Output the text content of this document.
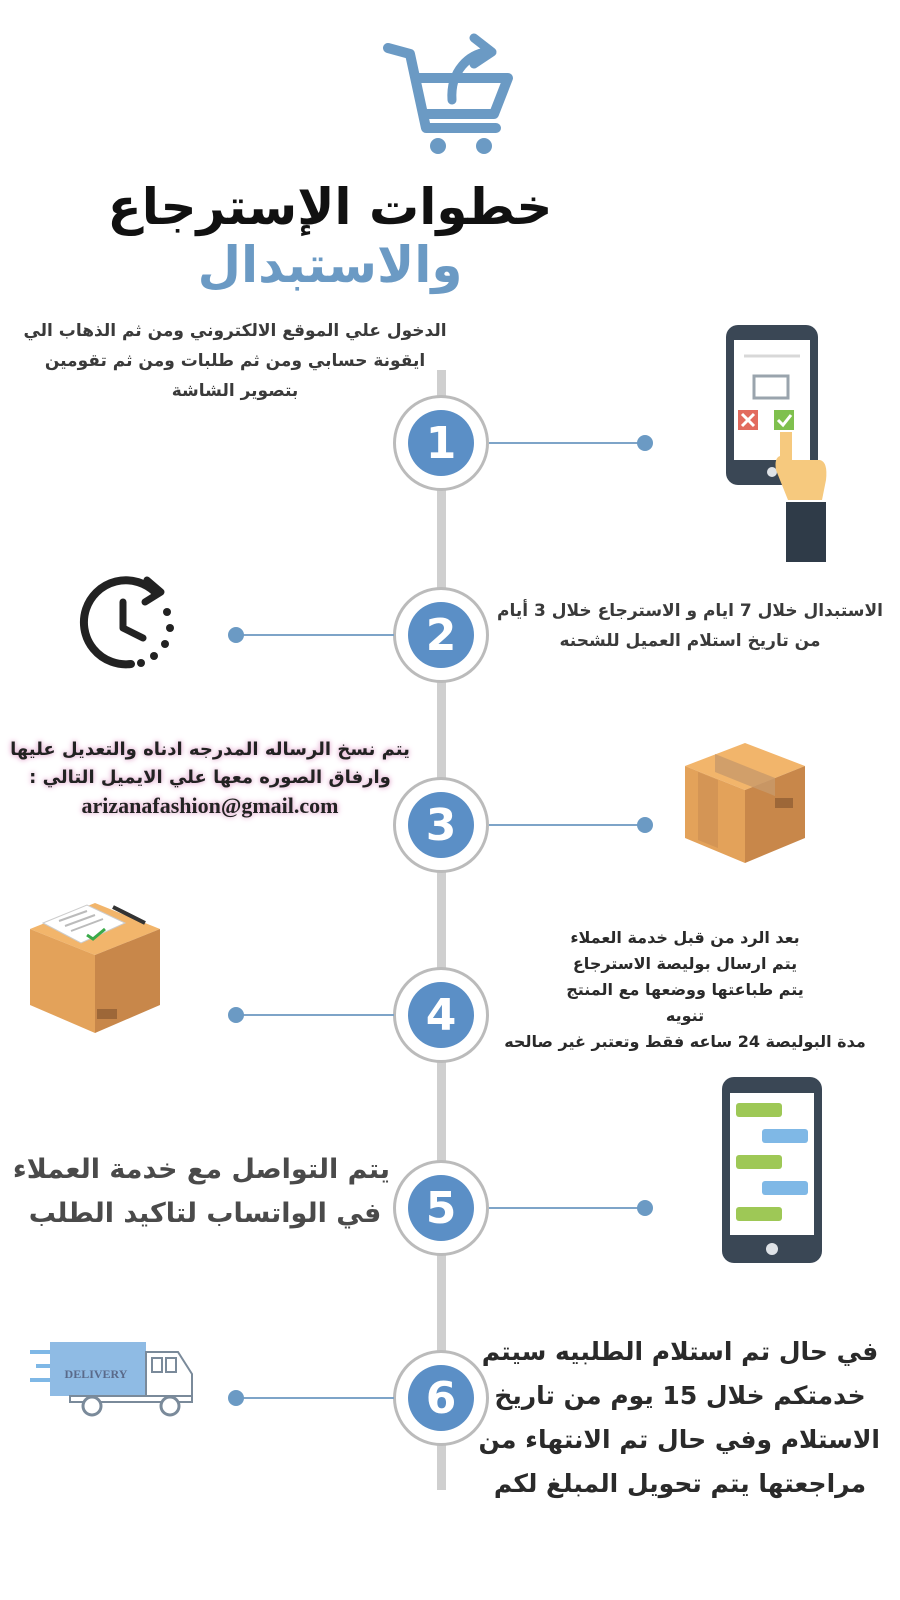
خطوات الإسترجاع والاستبدال
1
الدخول علي الموقع الالكتروني ومن ثم الذهاب الي
ايقونة حسابي ومن ثم طلبات ومن ثم تقومين
بتصوير الشاشة
2	الاستبدال خلال 7 ايام و الاسترجاع خلال 3 أيام
من تاريخ استلام العميل للشحنه
3
يتم نسخ الرساله المدرجه ادناه والتعديل عليها
وارفاق الصوره معها علي الايميل التالي :
arizanafashion@gmail.com
4
بعد الرد من قبل خدمة العملاء
يتم ارسال بوليصة الاسترجاع
يتم طباعتها ووضعها مع المنتج
تنويه
مدة البوليصة 24 ساعه فقط وتعتبر غير صالحه
5
يتم التواصل مع خدمة العملاء
في الواتساب لتاكيد الطلب
6
في حال تم استلام الطلبيه سيتم
خدمتكم خلال 15 يوم من تاريخ
الاستلام وفي حال تم الانتهاء من
مراجعتها يتم تحويل المبلغ لكم
DELIVERY
